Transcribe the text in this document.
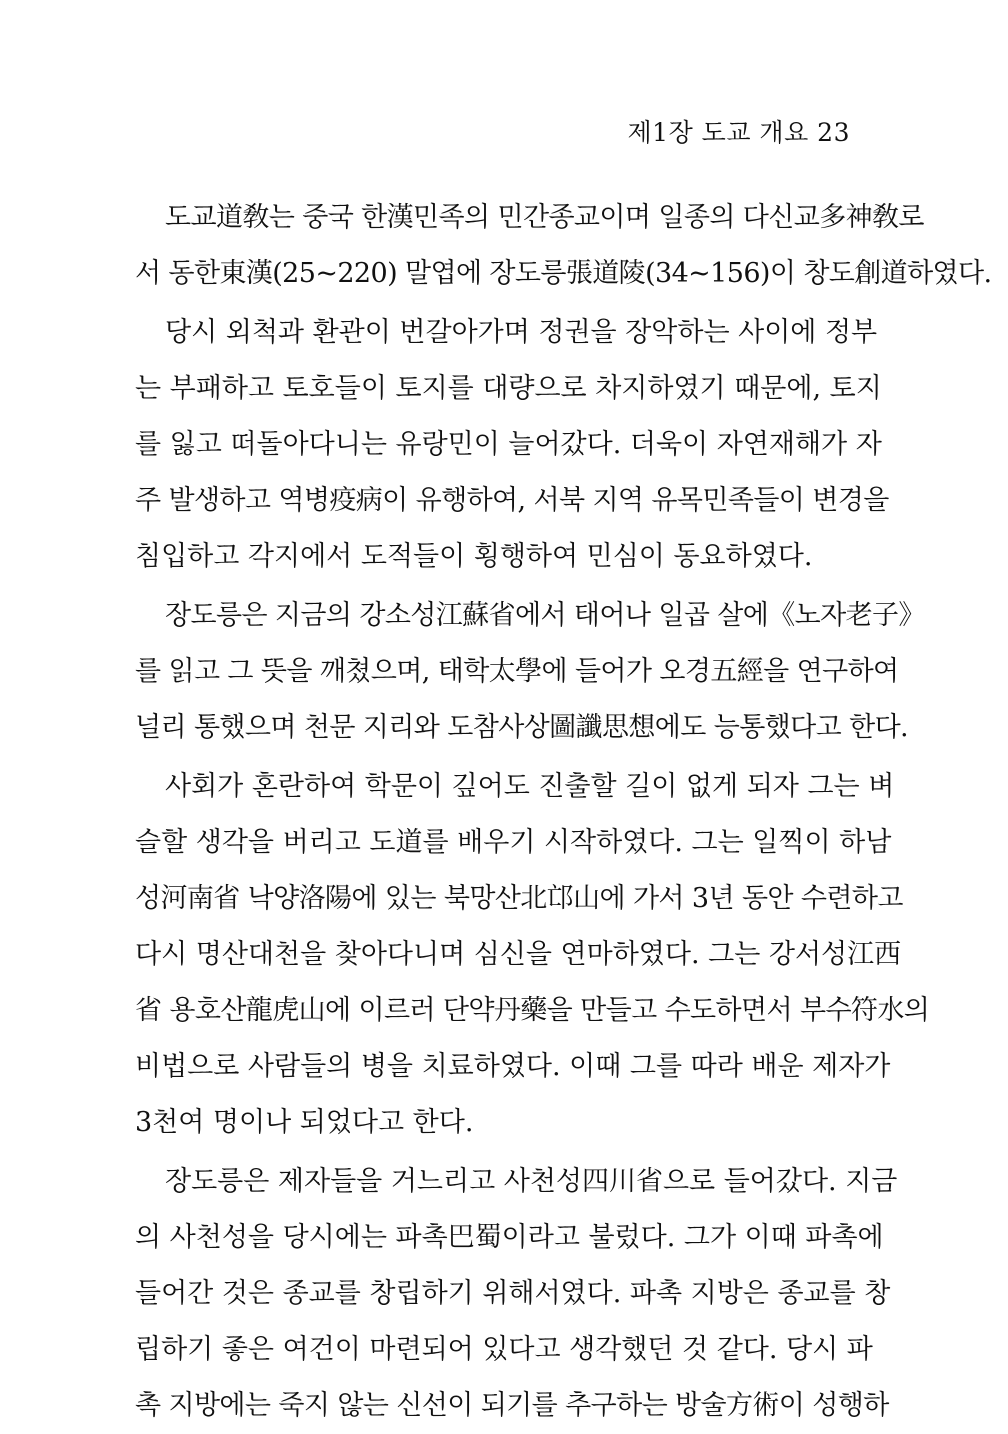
제1장 도교 개요 23
도교道敎는 중국 한漢민족의 민간종교이며 일종의 다신교多神敎로
서 동한東漢(25~220) 말엽에 장도릉張道陵(34~156)이 창도創道하였다.
당시 외척과 환관이 번갈아가며 정권을 장악하는 사이에 정부
는 부패하고 토호들이 토지를 대량으로 차지하였기 때문에, 토지
를 잃고 떠돌아다니는 유랑민이 늘어갔다. 더욱이 자연재해가 자
주 발생하고 역병疫病이 유행하여, 서북 지역 유목민족들이 변경을
침입하고 각지에서 도적들이 횡행하여 민심이 동요하였다.
장도릉은 지금의 강소성江蘇省에서 태어나 일곱 살에《노자老子》
를 읽고 그 뜻을 깨쳤으며, 태학太學에 들어가 오경五經을 연구하여
널리 통했으며 천문 지리와 도참사상圖讖思想에도 능통했다고 한다.
사회가 혼란하여 학문이 깊어도 진출할 길이 없게 되자 그는 벼
슬할 생각을 버리고 도道를 배우기 시작하였다. 그는 일찍이 하남
성河南省 낙양洛陽에 있는 북망산北邙山에 가서 3년 동안 수련하고
다시 명산대천을 찾아다니며 심신을 연마하였다. 그는 강서성江西
省 용호산龍虎山에 이르러 단약丹藥을 만들고 수도하면서 부수符水의
비법으로 사람들의 병을 치료하였다. 이때 그를 따라 배운 제자가
3천여 명이나 되었다고 한다.
장도릉은 제자들을 거느리고 사천성四川省으로 들어갔다. 지금
의 사천성을 당시에는 파촉巴蜀이라고 불렀다. 그가 이때 파촉에
들어간 것은 종교를 창립하기 위해서였다. 파촉 지방은 종교를 창
립하기 좋은 여건이 마련되어 있다고 생각했던 것 같다. 당시 파
촉 지방에는 죽지 않는 신선이 되기를 추구하는 방술方術이 성행하
